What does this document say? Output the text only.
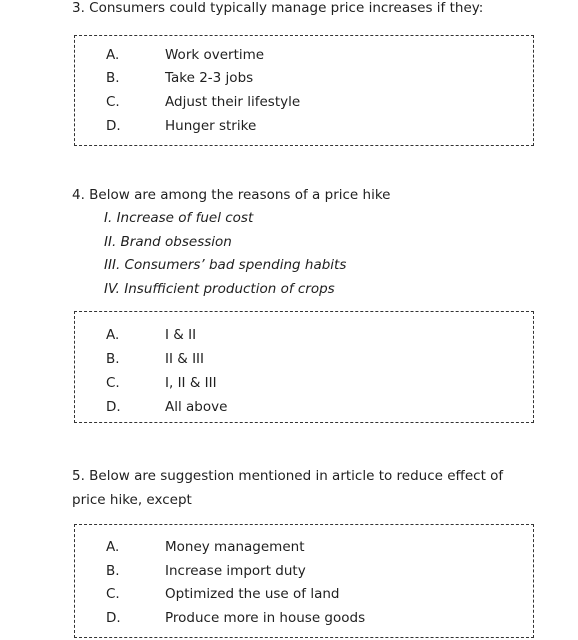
3. Consumers could typically manage price increases if they:
A.	Work overtime
B.	Take 2-3 jobs
C.	Adjust their lifestyle
D.	Hunger strike
4. Below are among the reasons of a price hike
I. Increase of fuel cost
II. Brand obsession
III. Consumers’ bad spending habits
IV. Insufficient production of crops
A.	I & II
B.	II & III
C.	I, II & III
D.	All above
5. Below are suggestion mentioned in article to reduce effect of
price hike, except
A.	Money management
B.	Increase import duty
C.	Optimized the use of land
D.	Produce more in house goods
